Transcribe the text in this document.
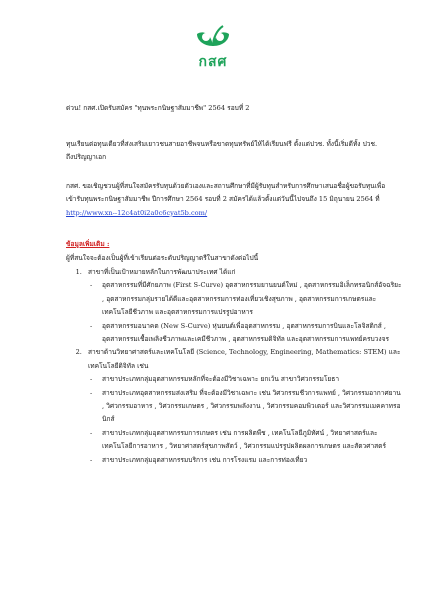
กสศ

ด่วน! กสศ.เปิดรับสมัคร "ทุนพระกนิษฐาสัมมาชีพ" 2564 รอบที่ 2

ทุนเรียนต่อทุนเดียวที่ส่งเสริมเยาวชนสายอาชีพจนหรือขาดทุนทรัพย์ให้ได้เรียนฟรี ตั้งแต่ปวช. ทั้งนี้เริ่มดีทั้ง ปวช. ถึงปริญญาเอก

กสศ. ขอเชิญชวนผู้ที่สนใจสมัครรับทุนด้วยตัวเองและสถานศึกษาที่มีผู้รับทุนสำหรับการศึกษาเสนอชื่อผู้ขอรับทุนเพื่อเข้ารับทุนพระกนิษฐาสัมมาชีพ ปีการศึกษา 2564 รอบที่ 2 สมัครได้แล้วตั้งแต่วันนี้ไปจนถึง 15 มิถุนายน 2564 ที่ http://www.xn--12c4at0i2a0c6cyat5b.com/

ข้อมูลเพิ่มเติม :

ผู้ที่สนใจจะต้องเป็นผู้ที่เข้าเรียนต่อระดับปริญญาตรีในสาขาดังต่อไปนี้

1. สาขาที่เป็นเป้าหมายหลักในการพัฒนาประเทศ ได้แก่
- อุตสาหกรรมที่มีศักยภาพ (First S-Curve) อุตสาหกรรมยานยนต์ใหม่ , อุตสาหกรรมอิเล็กทรอนิกส์อัจฉริยะ , อุตสาหกรรมกลุ่มรายได้ดีและอุตสาหกรรมการท่องเที่ยวเชิงสุขภาพ , อุตสาหกรรมการเกษตรและเทคโนโลยีชีวภาพ และอุตสาหกรรมการแปรรูปอาหาร
- อุตสาหกรรมอนาคต (New S-Curve) หุ่นยนต์เพื่ออุตสาหกรรม , อุตสาหกรรมการบินและโลจิสติกส์ , อุตสาหกรรมเชื้อเพลิงชีวภาพและเคมีชีวภาพ , อุตสาหกรรมดิจิทัล และอุตสาหกรรมการแพทย์ครบวงจร
2. สาขาด้านวิทยาศาสตร์และเทคโนโลยี (Science, Technology, Engineering, Mathematics: STEM) และเทคโนโลยีดิจิทัล เช่น
- สาขาประเภทกลุ่มอุตสาหกรรมหลักที่จะต้องมีวิชาเฉพาะ ยกเว้น สาขาวิศวกรรมโยธา
- สาขาประเภทอุตสาหกรรมส่งเสริม ที่จะต้องมีวิชาเฉพาะ เช่น วิศวกรรมชีวการแพทย์ , วิศวกรรมอากาศยาน , วิศวกรรมอาหาร , วิศวกรรมเกษตร , วิศวกรรมพลังงาน , วิศวกรรมคอมพิวเตอร์ และวิศวกรรมเมคคาทรอนิกส์
- สาขาประเภทกลุ่มอุตสาหกรรมการเกษตร เช่น การผลิตพืช , เทคโนโลยีภูมิทัศน์ , วิทยาศาสตร์และเทคโนโลยีการอาหาร , วิทยาศาสตร์สุขภาพสัตว์ , วิศวกรรมแปรรูปผลิตผลการเกษตร และสัตวศาสตร์
- สาขาประเภทกลุ่มอุตสาหกรรมบริการ เช่น การโรงแรม และการท่องเที่ยว
